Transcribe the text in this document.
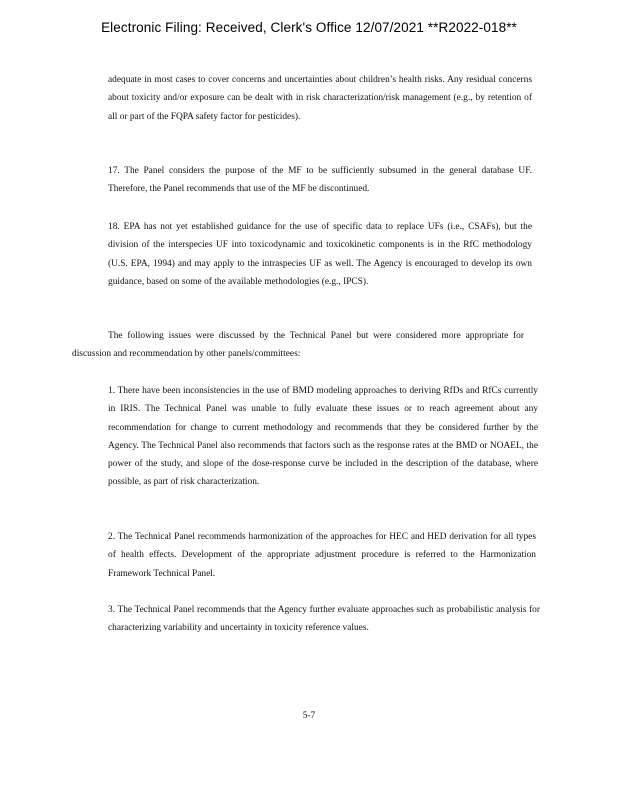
Electronic Filing: Received, Clerk's Office 12/07/2021 **R2022-018**
adequate in most cases to cover concerns and uncertainties about children’s health risks. Any residual concerns about toxicity and/or exposure can be dealt with in risk characterization/risk management (e.g., by retention of all or part of the FQPA safety factor for pesticides).
17. The Panel considers the purpose of the MF to be sufficiently subsumed in the general database UF. Therefore, the Panel recommends that use of the MF be discontinued.
18. EPA has not yet established guidance for the use of specific data to replace UFs (i.e., CSAFs), but the division of the interspecies UF into toxicodynamic and toxicokinetic components is in the RfC methodology (U.S. EPA, 1994) and may apply to the intraspecies UF as well. The Agency is encouraged to develop its own guidance, based on some of the available methodologies (e.g., IPCS).
The following issues were discussed by the Technical Panel but were considered more appropriate for discussion and recommendation by other panels/committees:
1. There have been inconsistencies in the use of BMD modeling approaches to deriving RfDs and RfCs currently in IRIS. The Technical Panel was unable to fully evaluate these issues or to reach agreement about any recommendation for change to current methodology and recommends that they be considered further by the Agency. The Technical Panel also recommends that factors such as the response rates at the BMD or NOAEL, the power of the study, and slope of the dose-response curve be included in the description of the database, where possible, as part of risk characterization.
2. The Technical Panel recommends harmonization of the approaches for HEC and HED derivation for all types of health effects. Development of the appropriate adjustment procedure is referred to the Harmonization Framework Technical Panel.
3. The Technical Panel recommends that the Agency further evaluate approaches such as probabilistic analysis for characterizing variability and uncertainty in toxicity reference values.
5-7
